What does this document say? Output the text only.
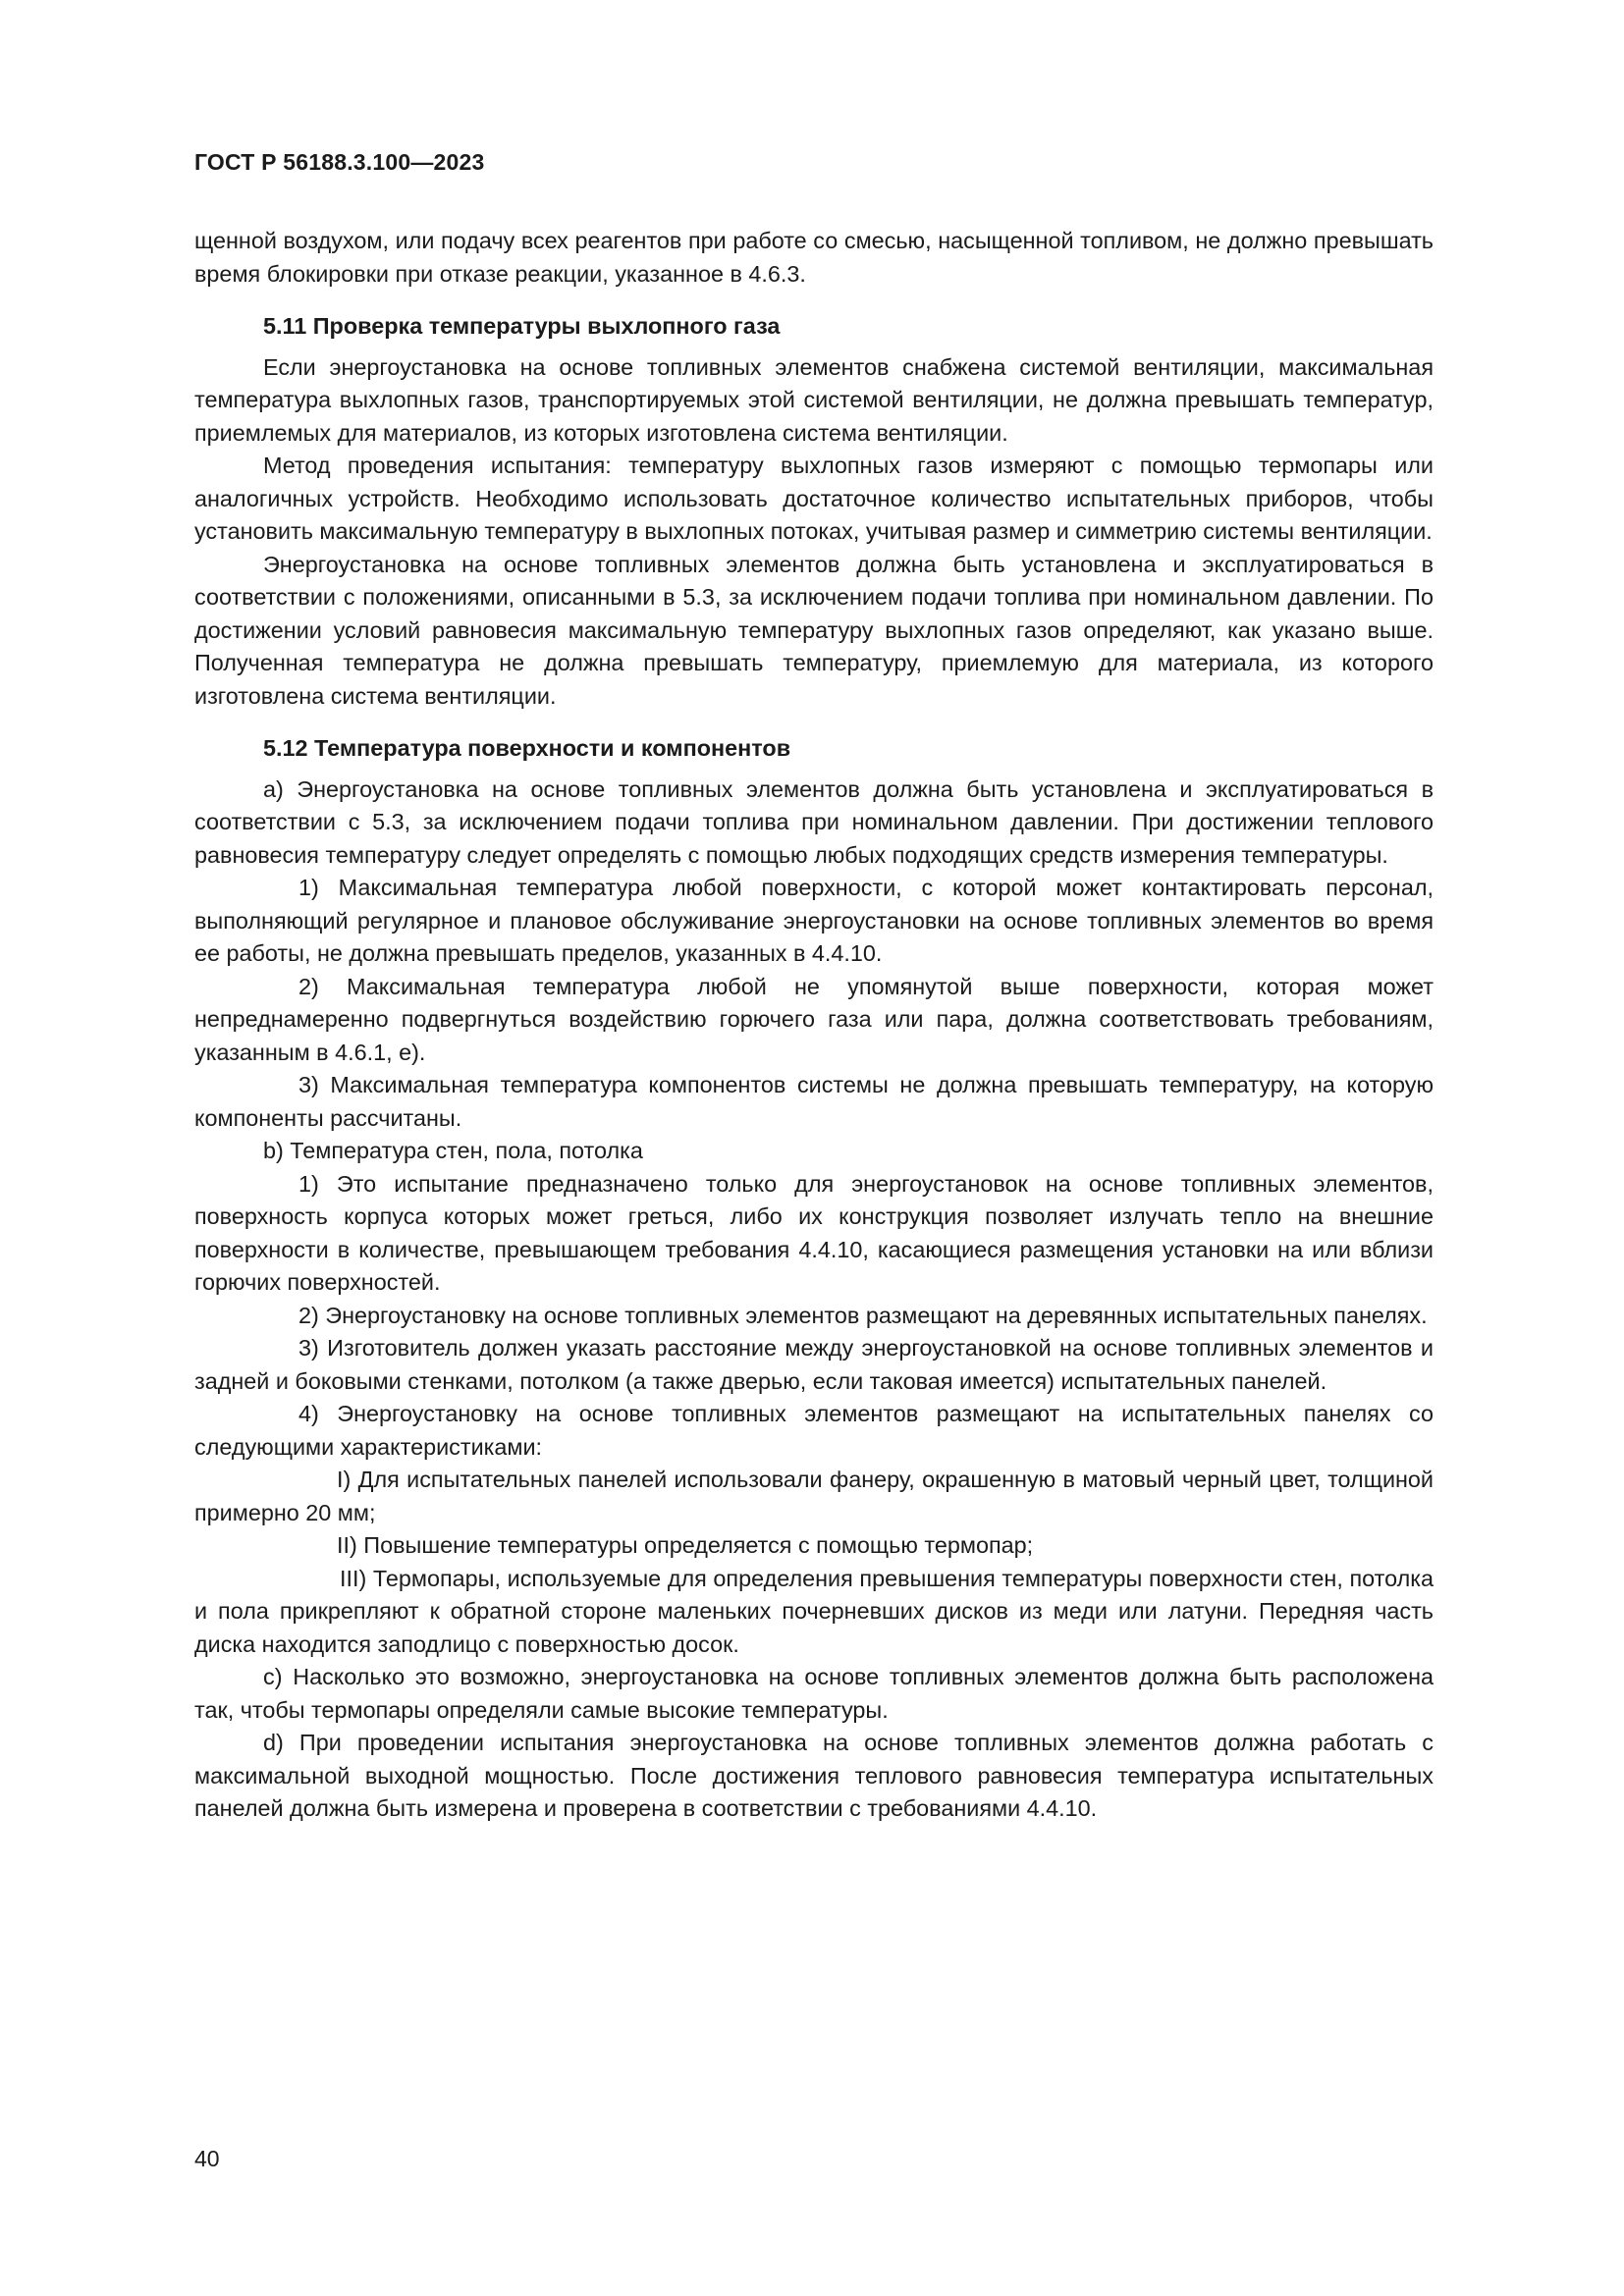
ГОСТ Р 56188.3.100—2023

щенной воздухом, или подачу всех реагентов при работе со смесью, насыщенной топливом, не должно превышать время блокировки при отказе реакции, указанное в 4.6.3.

5.11 Проверка температуры выхлопного газа

Если энергоустановка на основе топливных элементов снабжена системой вентиляции, максимальная температура выхлопных газов, транспортируемых этой системой вентиляции, не должна превышать температур, приемлемых для материалов, из которых изготовлена система вентиляции.

Метод проведения испытания: температуру выхлопных газов измеряют с помощью термопары или аналогичных устройств. Необходимо использовать достаточное количество испытательных приборов, чтобы установить максимальную температуру в выхлопных потоках, учитывая размер и симметрию системы вентиляции.

Энергоустановка на основе топливных элементов должна быть установлена и эксплуатироваться в соответствии с положениями, описанными в 5.3, за исключением подачи топлива при номинальном давлении. По достижении условий равновесия максимальную температуру выхлопных газов определяют, как указано выше. Полученная температура не должна превышать температуру, приемлемую для материала, из которого изготовлена система вентиляции.

5.12 Температура поверхности и компонентов

a) Энергоустановка на основе топливных элементов должна быть установлена и эксплуатироваться в соответствии с 5.3, за исключением подачи топлива при номинальном давлении. При достижении теплового равновесия температуру следует определять с помощью любых подходящих средств измерения температуры.

1) Максимальная температура любой поверхности, с которой может контактировать персонал, выполняющий регулярное и плановое обслуживание энергоустановки на основе топливных элементов во время ее работы, не должна превышать пределов, указанных в 4.4.10.

2) Максимальная температура любой не упомянутой выше поверхности, которая может непреднамеренно подвергнуться воздействию горючего газа или пара, должна соответствовать требованиям, указанным в 4.6.1, е).

3) Максимальная температура компонентов системы не должна превышать температуру, на которую компоненты рассчитаны.

b) Температура стен, пола, потолка

1) Это испытание предназначено только для энергоустановок на основе топливных элементов, поверхность корпуса которых может греться, либо их конструкция позволяет излучать тепло на внешние поверхности в количестве, превышающем требования 4.4.10, касающиеся размещения установки на или вблизи горючих поверхностей.

2) Энергоустановку на основе топливных элементов размещают на деревянных испытательных панелях.

3) Изготовитель должен указать расстояние между энергоустановкой на основе топливных элементов и задней и боковыми стенками, потолком (а также дверью, если таковая имеется) испытательных панелей.

4) Энергоустановку на основе топливных элементов размещают на испытательных панелях со следующими характеристиками:

I) Для испытательных панелей использовали фанеру, окрашенную в матовый черный цвет, толщиной примерно 20 мм;

II) Повышение температуры определяется с помощью термопар;

III) Термопары, используемые для определения превышения температуры поверхности стен, потолка и пола прикрепляют к обратной стороне маленьких почерневших дисков из меди или латуни. Передняя часть диска находится заподлицо с поверхностью досок.

c) Насколько это возможно, энергоустановка на основе топливных элементов должна быть расположена так, чтобы термопары определяли самые высокие температуры.

d) При проведении испытания энергоустановка на основе топливных элементов должна работать с максимальной выходной мощностью. После достижения теплового равновесия температура испытательных панелей должна быть измерена и проверена в соответствии с требованиями 4.4.10.

40
